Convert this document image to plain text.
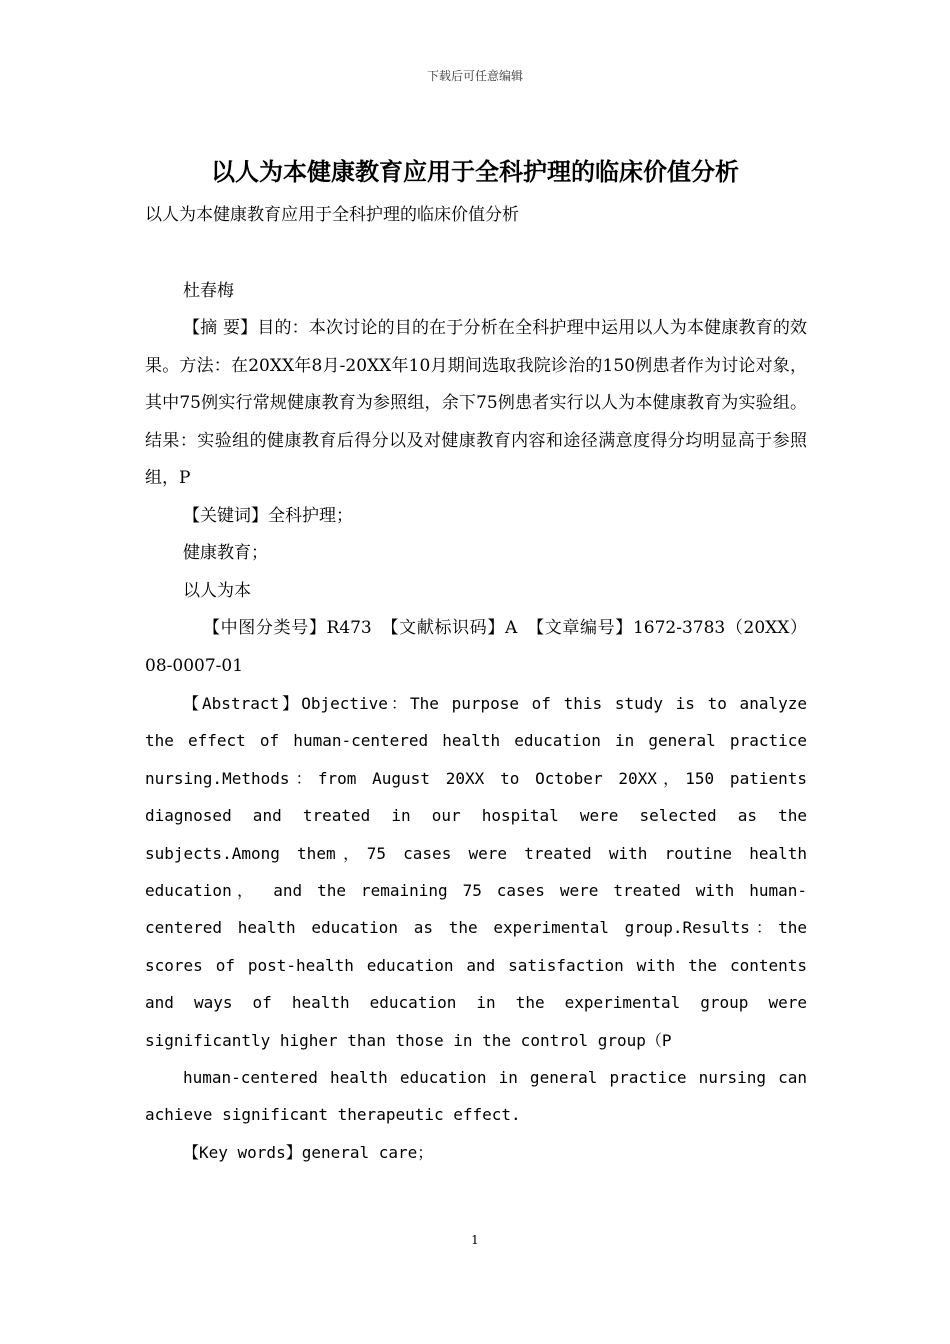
下载后可任意编辑
以人为本健康教育应用于全科护理的临床价值分析

以人为本健康教育应用于全科护理的临床价值分析

杜春梅

【摘 要】目的：本次讨论的目的在于分析在全科护理中运用以人为本健康教育的效果。方法：在20XX年8月-20XX年10月期间选取我院诊治的150例患者作为讨论对象，其中75例实行常规健康教育为参照组，余下75例患者实行以人为本健康教育为实验组。结果：实验组的健康教育后得分以及对健康教育内容和途径满意度得分均明显高于参照组，P

【关键词】全科护理；

健康教育；

以人为本

【中图分类号】R473　【文献标识码】A　【文章编号】1672-3783（20XX）08-0007-01

【Abstract】Objective：The purpose of this study is to analyze the effect of human-centered health education in general practice nursing.Methods：from August 20XX to October 20XX，150 patients diagnosed and treated in our hospital were selected as the subjects.Among them，75 cases were treated with routine health education， and the remaining 75 cases were treated with human-centered health education as the experimental group.Results：the scores of post-health education and satisfaction with the contents and ways of health education in the experimental group were significantly higher than those in the control group（P

human-centered health education in general practice nursing can achieve significant therapeutic effect.

【Key words】general care；

1
